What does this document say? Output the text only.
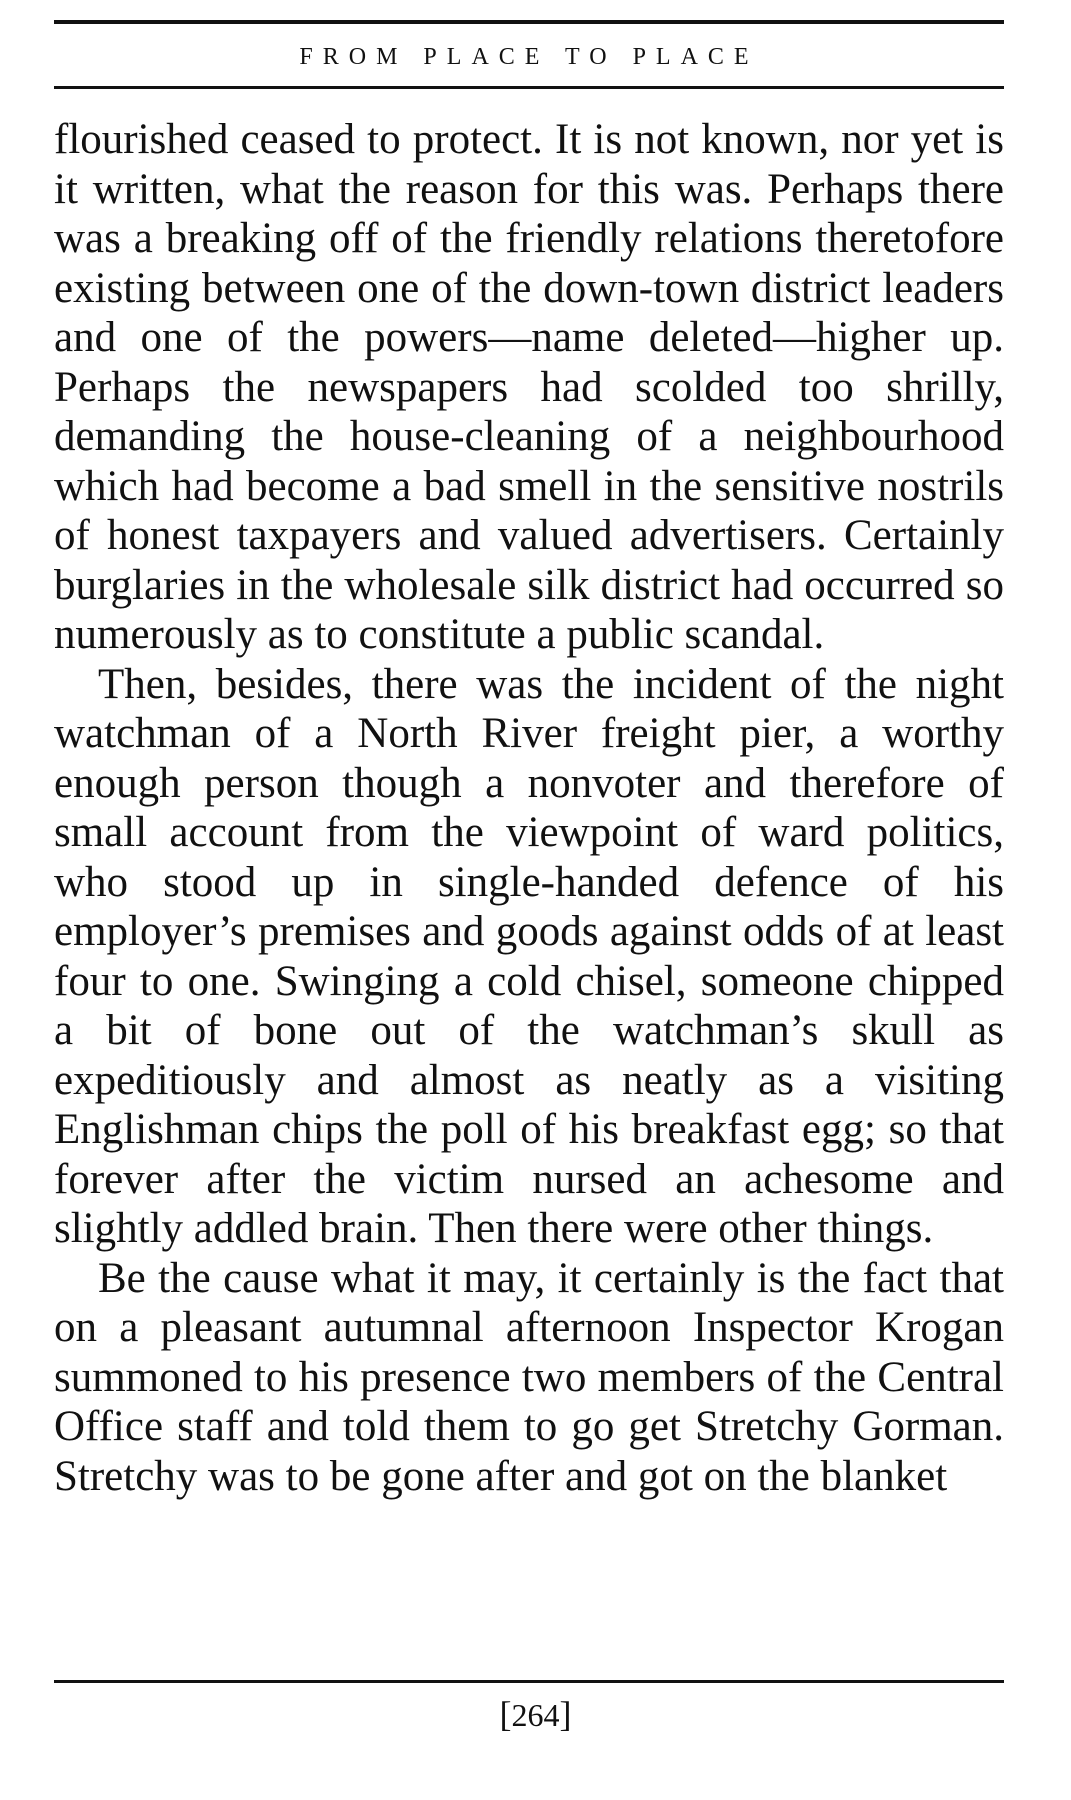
FROM PLACE TO PLACE

flourished ceased to protect. It is not known, nor yet is it written, what the reason for this was. Perhaps there was a breaking off of the friendly relations theretofore existing between one of the down-town district leaders and one of the powers—name deleted—higher up. Perhaps the newspapers had scolded too shrilly, demanding the house-cleaning of a neighbourhood which had become a bad smell in the sensitive nostrils of honest taxpayers and valued advertisers. Certainly burglaries in the wholesale silk district had occurred so numerously as to constitute a public scandal.

Then, besides, there was the incident of the night watchman of a North River freight pier, a worthy enough person though a nonvoter and therefore of small account from the viewpoint of ward politics, who stood up in single-handed defence of his employer’s premises and goods against odds of at least four to one. Swinging a cold chisel, someone chipped a bit of bone out of the watchman’s skull as expeditiously and almost as neatly as a visiting Englishman chips the poll of his breakfast egg; so that forever after the victim nursed an achesome and slightly addled brain. Then there were other things.

Be the cause what it may, it certainly is the fact that on a pleasant autumnal afternoon Inspector Krogan summoned to his presence two members of the Central Office staff and told them to go get Stretchy Gorman. Stretchy was to be gone after and got on the blanket

[264]
